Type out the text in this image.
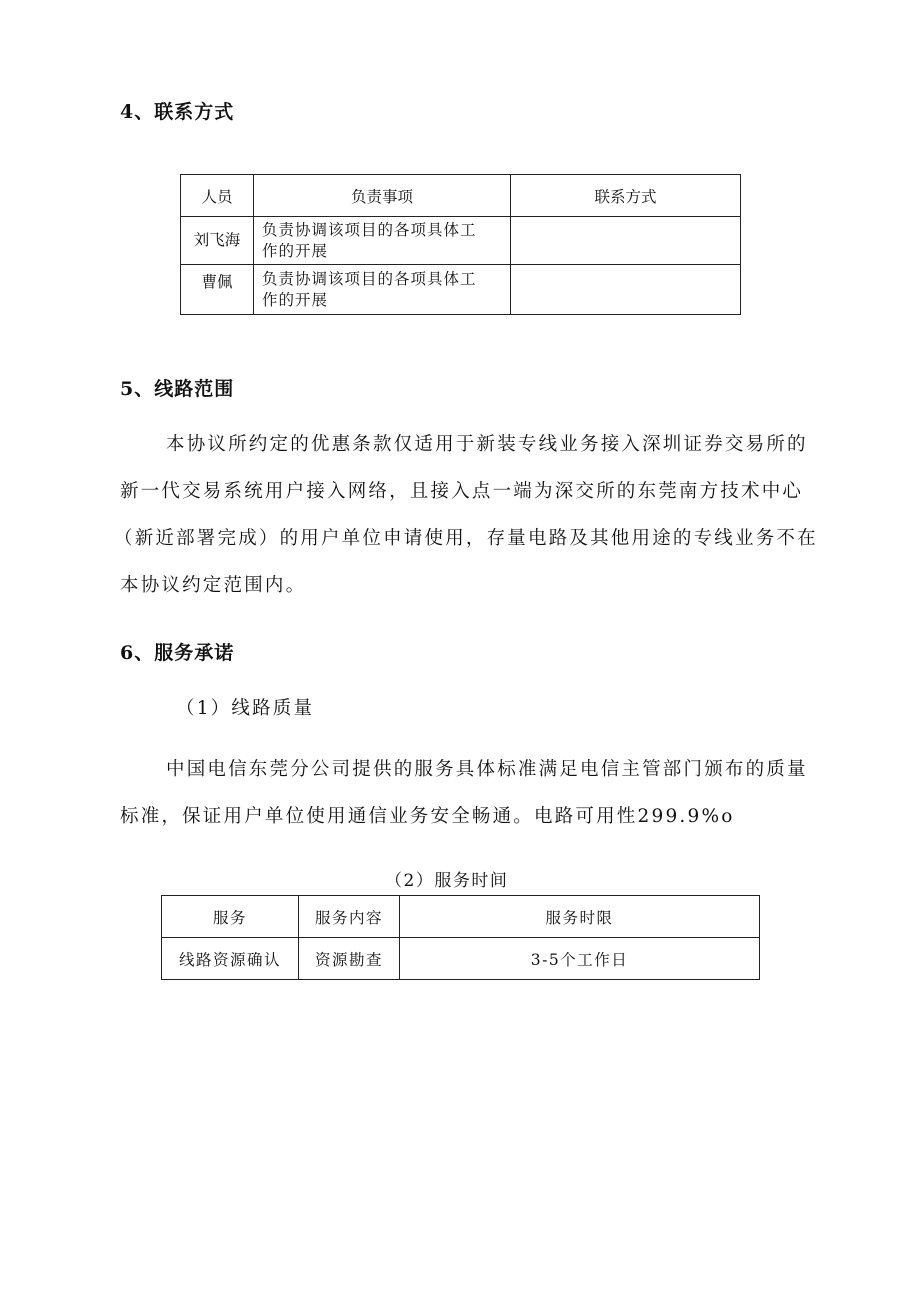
4、联系方式
人员	负责事项	联系方式
刘飞海	负责协调该项目的各项具体工
作的开展	

曹佩	负责协调该项目的各项具体工
作的开展	

5、线路范围
本协议所约定的优惠条款仅适用于新装专线业务接入深圳证券交易所的
新一代交易系统用户接入网络，且接入点一端为深交所的东莞南方技术中心
（新近部署完成）的用户单位申请使用，存量电路及其他用途的专线业务不在
本协议约定范围内。
6、服务承诺
（1）线路质量
中国电信东莞分公司提供的服务具体标准满足电信主管部门颁布的质量
标准，保证用户单位使用通信业务安全畅通。电路可用性299.9%o
（2）服务时间
服务	服务内容	服务时限
线路资源确认	资源勘查	3-5个工作日
